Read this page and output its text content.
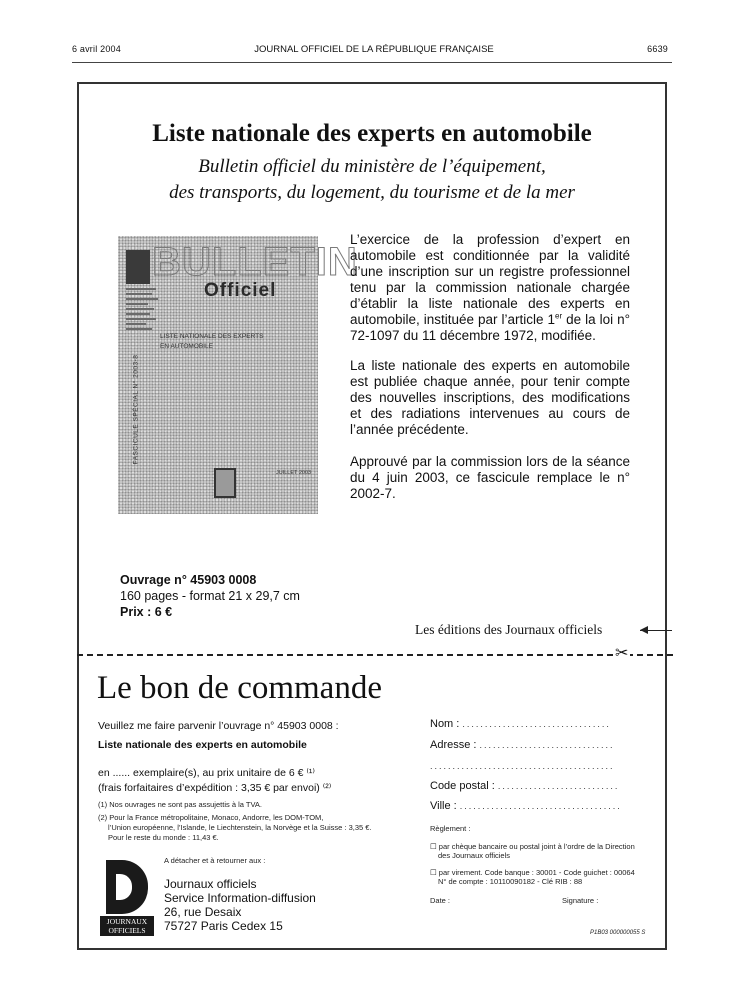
6 avril 2004	JOURNAL OFFICIEL DE LA RÉPUBLIQUE FRANÇAISE	6639
Liste nationale des experts en automobile
Bulletin officiel du ministère de l’équipement,
des transports, du logement, du tourisme et de la mer
BULLETIN
Officiel
FASCICULE SPÉCIAL N° 2003-8
LISTE NATIONALE DES EXPERTS
EN AUTOMOBILE
JUILLET 2003
L’exercice de la profession d’expert en automobile est conditionnée par la validité d’une inscription sur un registre professionnel tenu par la commission nationale chargée d’établir la liste nationale des experts en automobile, instituée par l’article 1er de la loi n° 72-1097 du 11 décembre 1972, modifiée.
La liste nationale des experts en automobile est publiée chaque année, pour tenir compte des nouvelles inscriptions, des modifications et des radiations intervenues au cours de l’année précédente.
Approuvé par la commission lors de la séance du 4 juin 2003, ce fascicule remplace le n° 2002-7.
Ouvrage n° 45903 0008
160 pages - format 21 x 29,7 cm
Prix : 6 €
Les éditions des Journaux officiels
✂
Le bon de commande
Veuillez me faire parvenir l’ouvrage n° 45903 0008 :
Liste nationale des experts en automobile
en ...... exemplaire(s), au prix unitaire de 6 € ⁽¹⁾
(frais forfaitaires d’expédition : 3,35 € par envoi) ⁽²⁾
(1) Nos ouvrages ne sont pas assujettis à la TVA.
(2) Pour la France métropolitaine, Monaco, Andorre, les DOM-TOM,
l’Union européenne, l’Islande, le Liechtenstein, la Norvège et la Suisse : 3,35 €.
Pour le reste du monde : 11,43 €.
A détacher et à retourner aux :
JOURNAUX
OFFICIELS
Journaux officiels
Service Information-diffusion
26, rue Desaix
75727 Paris Cedex 15
Nom : .................................
Adresse : ..............................
.........................................
Code postal : ...........................
Ville : ....................................
Règlement :
☐ par chèque bancaire ou postal joint à l’ordre de la Direction
des Journaux officiels
☐ par virement. Code banque : 30001 - Code guichet : 00064
N° de compte : 10110090182 - Clé RIB : 88
Date :	Signature :
P1B03 000000055 S
